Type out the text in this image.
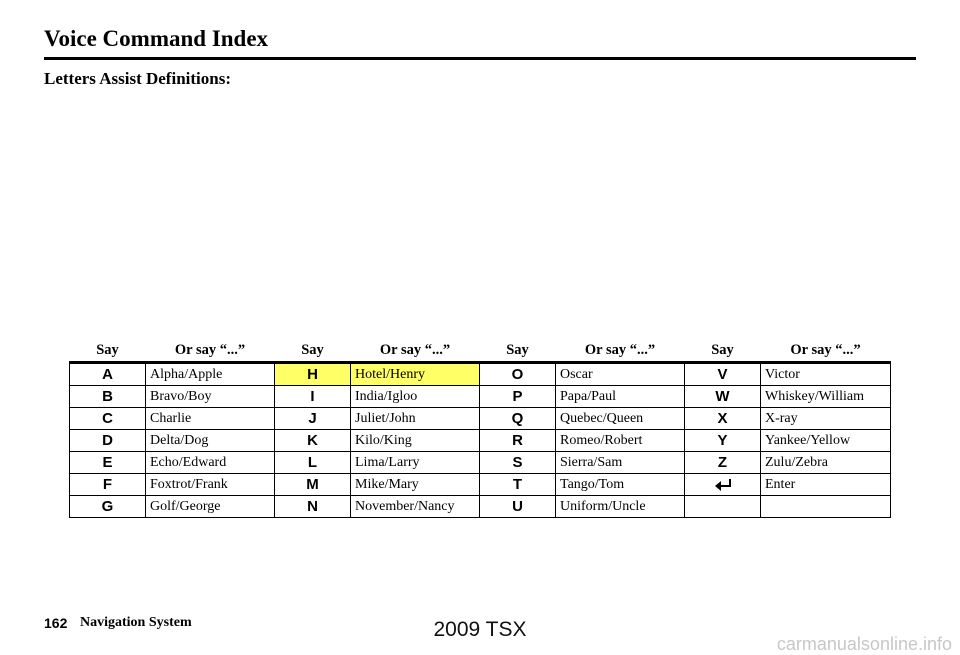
Voice Command Index
Letters Assist Definitions:
Say	Or say “...”	Say	Or say “...”	Say	Or say “...”	Say	Or say “...”
A	Alpha/Apple	H	Hotel/Henry	O	Oscar	V	Victor
B	Bravo/Boy	I	India/Igloo	P	Papa/Paul	W	Whiskey/William
C	Charlie	J	Juliet/John	Q	Quebec/Queen	X	X-ray
D	Delta/Dog	K	Kilo/King	R	Romeo/Robert	Y	Yankee/Yellow
E	Echo/Edward	L	Lima/Larry	S	Sierra/Sam	Z	Zulu/Zebra
F	Foxtrot/Frank	M	Mike/Mary	T	Tango/Tom		Enter
G	Golf/George	N	November/Nancy	U	Uniform/Uncle		
162 Navigation System	2009 TSX
carmanualsonline.info
